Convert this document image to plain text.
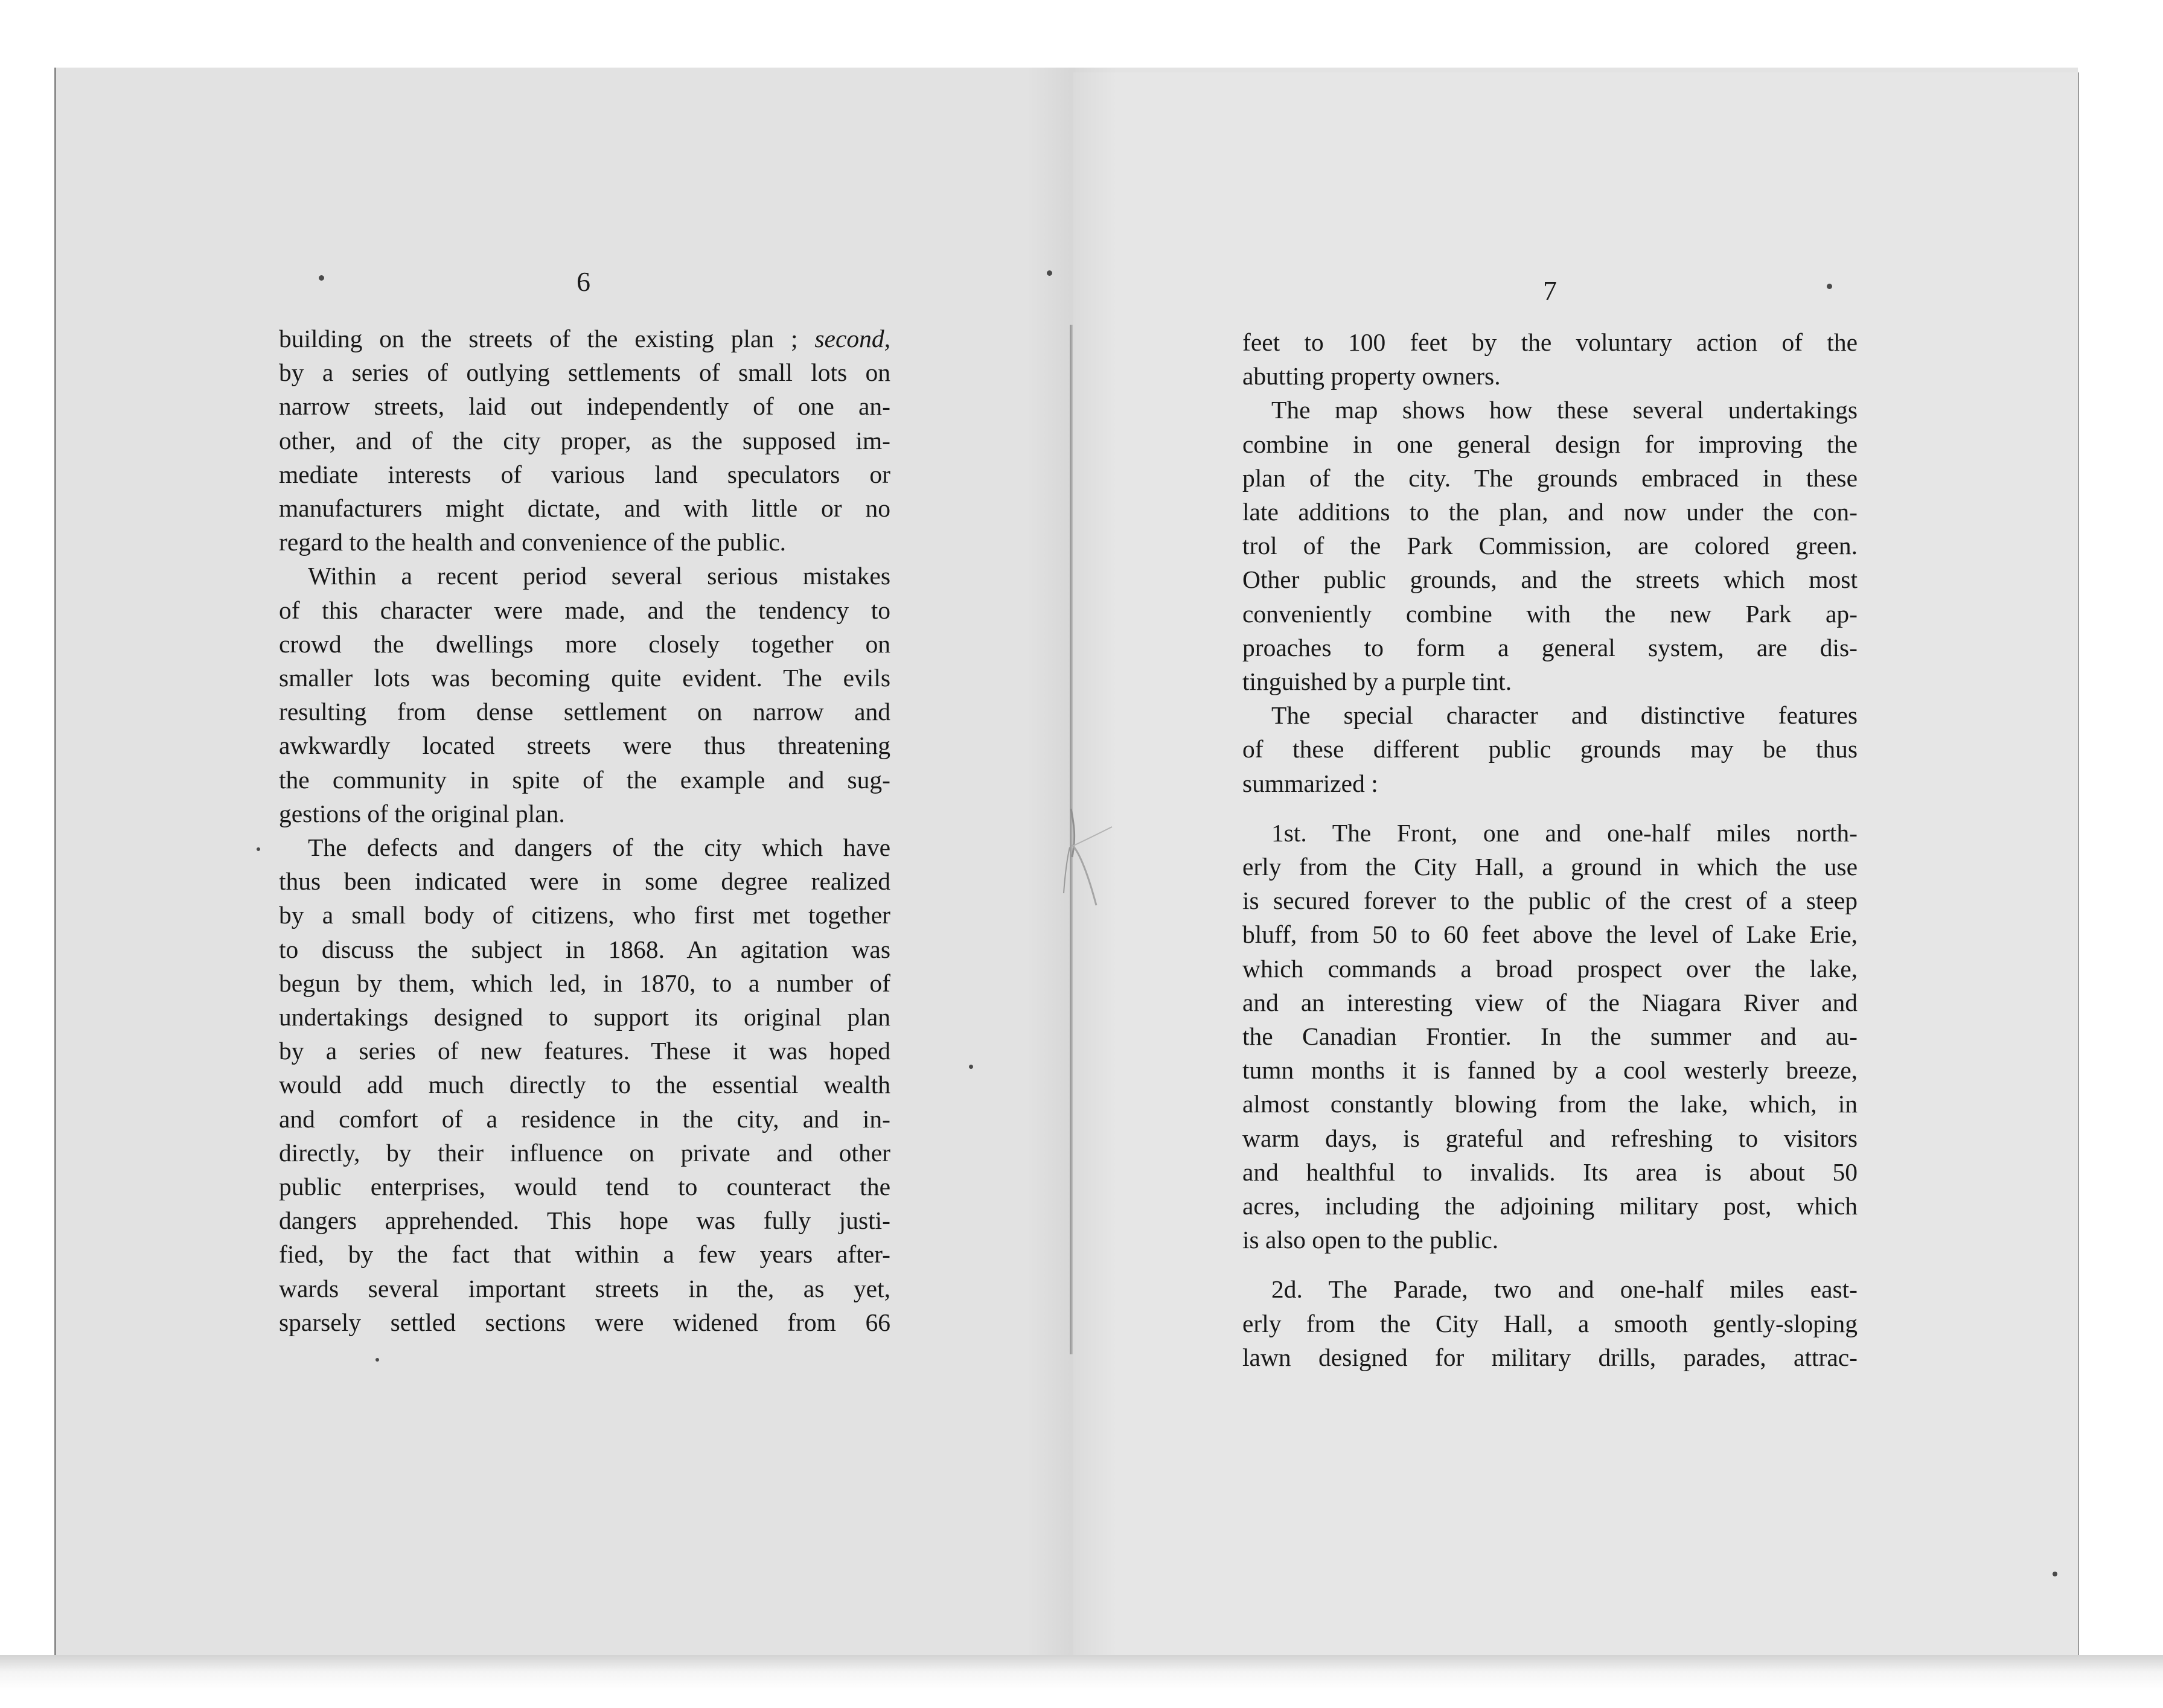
6	7
building on the streets of the existing plan ; second,
by a series of outlying settlements of small lots on
narrow streets, laid out independently of one an-
other, and of the city proper, as the supposed im-
mediate interests of various land speculators or
manufacturers might dictate, and with little or no
regard to the health and convenience of the public.
Within a recent period several serious mistakes
of this character were made, and the tendency to
crowd the dwellings more closely together on
smaller lots was becoming quite evident. The evils
resulting from dense settlement on narrow and
awkwardly located streets were thus threatening
the community in spite of the example and sug-
gestions of the original plan.
The defects and dangers of the city which have
thus been indicated were in some degree realized
by a small body of citizens, who first met together
to discuss the subject in 1868. An agitation was
begun by them, which led, in 1870, to a number of
undertakings designed to support its original plan
by a series of new features. These it was hoped
would add much directly to the essential wealth
and comfort of a residence in the city, and in-
directly, by their influence on private and other
public enterprises, would tend to counteract the
dangers apprehended. This hope was fully justi-
fied, by the fact that within a few years after-
wards several important streets in the, as yet,
sparsely settled sections were widened from 66
feet to 100 feet by the voluntary action of the
abutting property owners.
The map shows how these several undertakings
combine in one general design for improving the
plan of the city. The grounds embraced in these
late additions to the plan, and now under the con-
trol of the Park Commission, are colored green.
Other public grounds, and the streets which most
conveniently combine with the new Park ap-
proaches to form a general system, are dis-
tinguished by a purple tint.
The special character and distinctive features
of these different public grounds may be thus
summarized :
1st. The Front, one and one-half miles north-
erly from the City Hall, a ground in which the use
is secured forever to the public of the crest of a steep
bluff, from 50 to 60 feet above the level of Lake Erie,
which commands a broad prospect over the lake,
and an interesting view of the Niagara River and
the Canadian Frontier. In the summer and au-
tumn months it is fanned by a cool westerly breeze,
almost constantly blowing from the lake, which, in
warm days, is grateful and refreshing to visitors
and healthful to invalids. Its area is about 50
acres, including the adjoining military post, which
is also open to the public.
2d. The Parade, two and one-half miles east-
erly from the City Hall, a smooth gently-sloping
lawn designed for military drills, parades, attrac-
